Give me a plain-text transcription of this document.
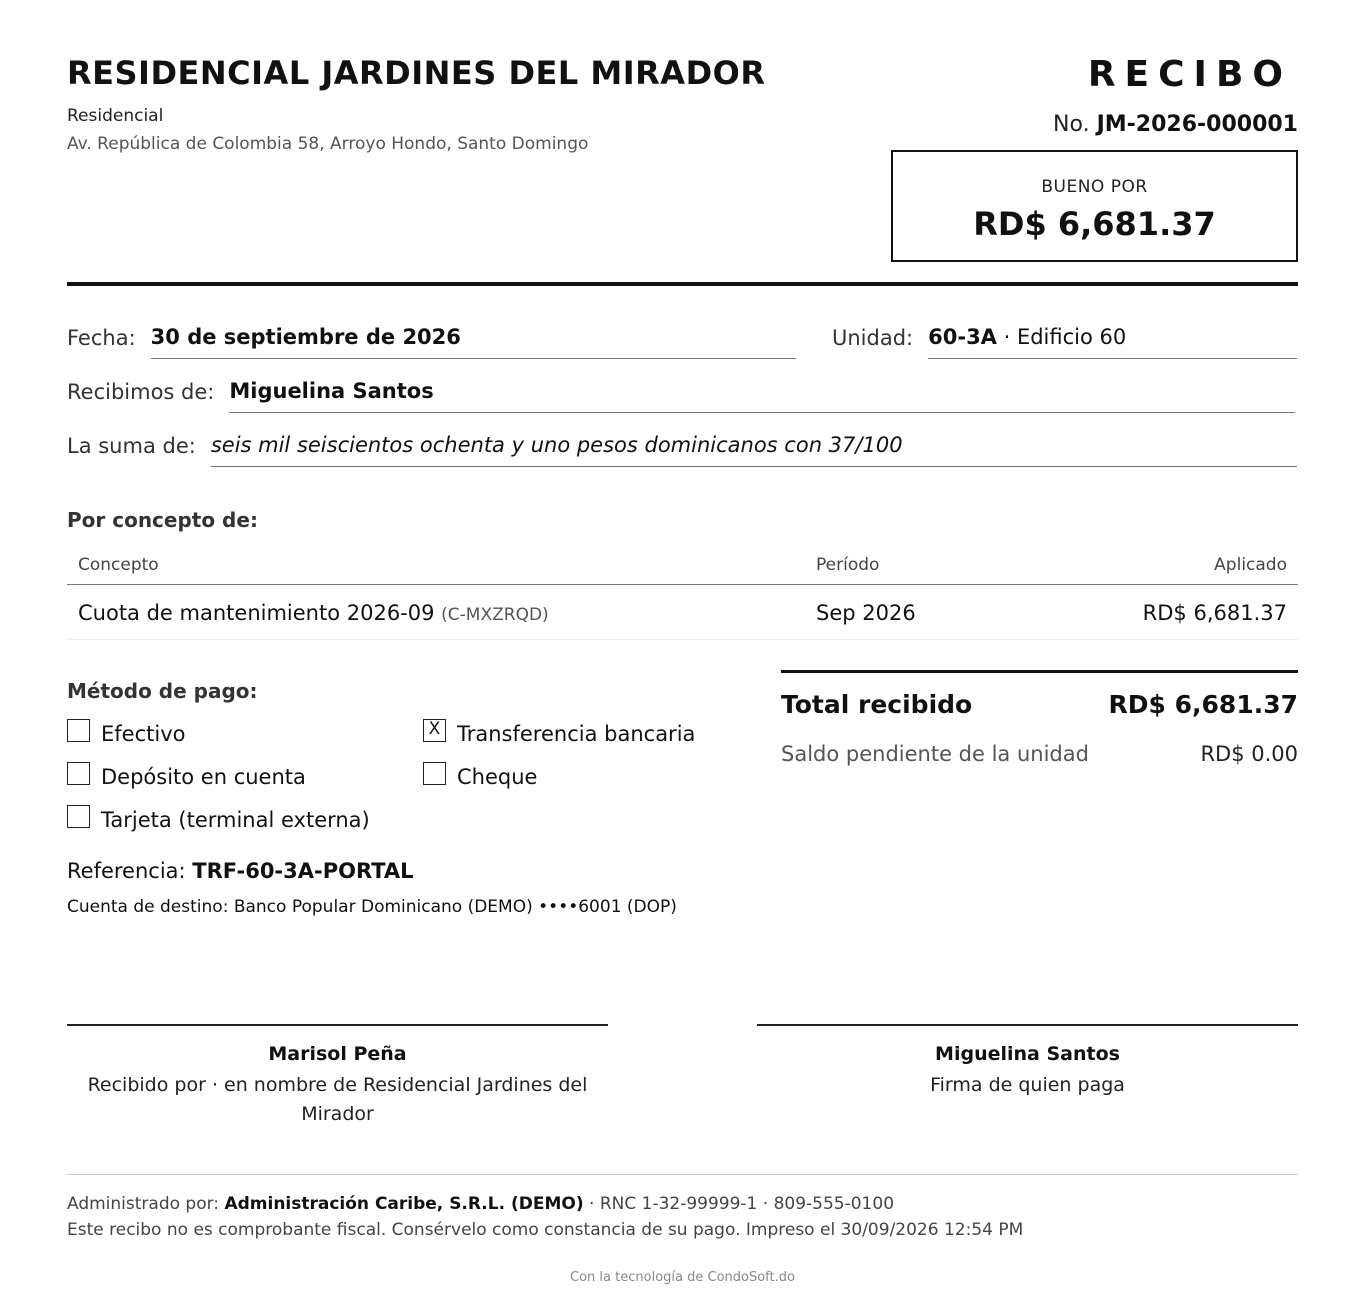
RESIDENCIAL JARDINES DEL MIRADOR
Residencial
Av. República de Colombia 58, Arroyo Hondo, Santo Domingo
RECIBO
No. JM-2026-000001
BUENO POR
RD$ 6,681.37
Fecha: 30 de septiembre de 2026	Unidad: 60-3A · Edificio 60
Recibimos de: Miguelina Santos
La suma de: seis mil seiscientos ochenta y uno pesos dominicanos con 37/100
Por concepto de:
Concepto	Período	Aplicado
Cuota de mantenimiento 2026-09 (C-MXZRQD)	Sep 2026	RD$ 6,681.37
Método de pago:
Efectivo	X Transferencia bancaria
Depósito en cuenta	Cheque
Tarjeta (terminal externa)
Referencia: TRF-60-3A-PORTAL
Cuenta de destino: Banco Popular Dominicano (DEMO) ••••6001 (DOP)
Total recibido	RD$ 6,681.37
Saldo pendiente de la unidad	RD$ 0.00
Marisol Peña
Recibido por · en nombre de Residencial Jardines del Mirador
Miguelina Santos
Firma de quien paga
Administrado por: Administración Caribe, S.R.L. (DEMO) · RNC 1-32-99999-1 · 809-555-0100
Este recibo no es comprobante fiscal. Consérvelo como constancia de su pago. Impreso el 30/09/2026 12:54 PM
Con la tecnología de CondoSoft.do
